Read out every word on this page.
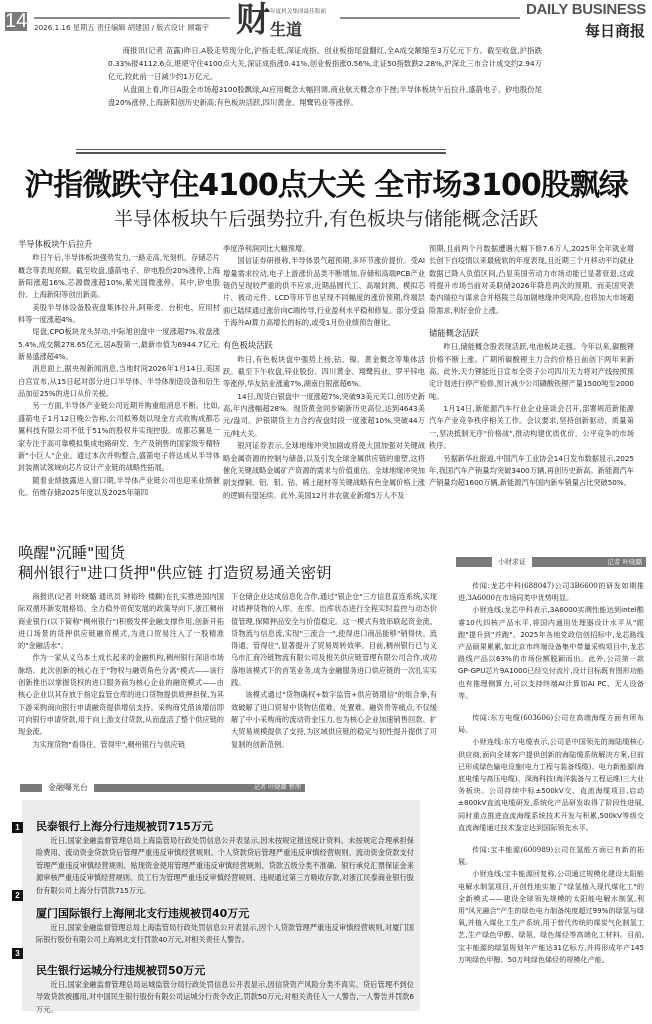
14 2026.1.16 星期五 责任编辑 胡建国 / 版式设计 顾霜宇 财 年度机关集团最佳版面
生道
DAILY BUSINESS
每日商报

商报讯(记者 苗露)昨日,A股走势现分化,沪指走低,深证成指、创业板指尾盘翻红,全A成交额缩至3万亿元下方。截至收盘,沪指跌0.33%报4112.6点,堪堪守住4100点大关,深证成指涨0.41%,创业板指涨0.56%,北证50指数跌2.28%,沪深北三市合计成交约2.94万亿元,较此前一日减少约1万亿元。

从盘面上看,昨日A股全市场超3100股飘绿,AI应用概念大幅回调,商业航天概念亦下挫;半导体板块午后拉升,盛箭电子、矽电股份尾盘20%涨停,上海新阳创历史新高;有色板块活跃,四川黄金、翔鹭钨业等涨停。

沪指微跌守住4100点大关 全市场3100股飘绿
半导体板块午后强势拉升,有色板块与储能概念活跃
半导体板块午后拉升

昨日午后,半导体板块强势发力,一路走高,光刻机、存储芯片概念等表现亮眼。截至收盘,盛箭电子、矽电股份20%涨停,上海新阳涨超16%,芯源微涨超10%,紫光国微涨停。其中,矽电股份、上海新阳等创出新高。

美股半导体设备股夜盘集体拉升,阿斯麦、台积电、应用材料等一度涨超4%。

尾盘,CPO板块龙头异动,中际旭创盘中一度涨超7%,收盘涨5.4%,成交额278.65亿元,居A股第一,最新市值为6944.7亿元;新易盛涨超4%。

消息面上,据央视新闻消息,当地时间2026年1月14日,美国白宫宣布,从15日起对部分进口半导体、半导体制造设备和衍生品加征25%的进口从价关税。

另一方面,半导体产业链公司近期并购重组消息不断。比如,盛箭电子1月12日晚公告称,公司拟筹划以现金方式收购成都芯翼科技有限公司不低于51%的股权并实现控股。成都芯翼是一家专注于高可靠模拟集成电路研发、生产及销售的国家级专精特新"小巨人"企业。通过本次并购整合,盛箭电子将达成从半导体封装测试领域向芯片设计产业链的战略性拓展。

随着业绩披露进入窗口期,半导体产业链公司也迎来业绩催化。佰维存储2025年度以及2025年第四

季度净利润同比大幅预增。

国信证券研报称,半导体景气超预期,多环节涨价提价。受AI增量需求拉动,电子上游涨价品类不断增加,存储和高端PCB产业链仍呈现较严重的供不应求,近期晶圆代工、高端封测、模拟芯片、被动元件、LCD等环节也呈现不同幅度的涨价预期,终端层面已陆续通过涨价向C端传导,行业盈利水平稳和修复。部分受益于海外AI算力高增长的标的,或受1月份业绩预告催化。

有色板块活跃

昨日,有色板块盘中强势上扬,钴、镍、黄金概念等集体活跃。截至下午收盘,锌业股份、四川黄金、翔鹭钨业、罗平锌电等涨停,华友钴业涨逾7%,湖南白银涨超6%。

14日,现货白银盘中一度涨超7%,突破93美元关口,创历史新高,年内涨幅超28%。现货黄金同步刷新历史高位,达到4643美元/盎司。沪银期货主力合约夜盘时段一度涨超10%,突破44万元/吨大关。

银河证券表示,全球地缘冲突加剧或将使大国加强对关键战略金属资源的控制与储备,以及引发全球金属供应链的重塑,这将催化关键战略金属矿产资源的需求与价值重估。全球地缘冲突加剧支撑铜、铝、钼、钴、稀土磁材等关键战略有色金属价格上涨的逻辑有望延续。此外,美国12月非农就业新增5万人不及

预期,且前两个月数据遭遇大幅下修7.6万人,2025年全年就业增长创下自疫情以来最疲软的年度表现,且近期三个月移动平均就业数据已降入负值区间,凸显美国劳动力市场动能已显著衰退,这或将提升市场当前对美联储2026年降息两次的预期。而美国突袭委内瑞拉与谋求合并格陵兰岛加剧地缘冲突风险,也将加大市场避险需求,利好金价上涨。

储能概念活跃

昨日,储能概念股表现活跃,电池板块走强。今年以来,碳酸锂价格不断上涨。广期所碳酸锂主力合约价格日前创下两年来新高。此外,天力锂能近日宣布全资子公司四川天力将对产线按照预定计划进行停产检修,预计减少公司磷酸铁锂产量1500吨至2000吨。

1月14日,新能源汽车行业企业座谈会召开,部署规范新能源汽车产业竞争秩序相关工作。会议要求,坚持创新驱动、质量第一,坚决抵制无序"价格战",推动构建优质优价、公平竞争的市场秩序。

另据新华社报道,中国汽车工业协会14日发布数据显示,2025年,我国汽车产销量均突破3400万辆,再创历史新高。新能源汽车产销量均超1600万辆,新能源汽车国内新车销量占比突破50%。

唤醒"沉睡"囤货
稠州银行"进口货押"供应链 打造贸易通关密钥

商报讯(记者 叶晓璐 通讯员 钟裕玲 楼麒)在扎实推进国内国际双循环新发展格局、全力稳外贸促发展的政策导向下,浙江稠州商业银行(以下简称"稠州银行")积极发挥金融支撑作用,创新开拓进口场景的货押供应链融资模式,为进口贸易注入了一股精准的"金融活水"。

作为一家从义乌本土成长起来的金融机构,稠州银行深谙市场脉络。此次创新的核心在于"物权与融资角色分离"模式——该行创新推出以掌握货权的进口服务商为核心企业的融资模式——由核心企业以其存放于指定监管仓库的进口货物提供质押担保,为其下游采购商向银行申请融资提供增信支持。采购商凭借该增信即可向银行申请贷款,用于向上游支付货款,从而盘活了整个供应链的现金流。

为实现货物"看得住、管得牢",稠州银行与供应链

下仓储企业达成信息化合作,通过"银企仓"三方信息直连系统,实现对质押货物的入库、在库、出库状态进行全程实时监控与动态价值管理,保障押品安全与价值稳定。这一模式有效串联起资金流、货物流与信息流,实现"三流合一",使得进口商品能够"销得快、流得通、管得住",显著提升了贸易周转效率。目前,稠州银行已与义乌市汇商冷链物流有限公司及相关供应链管理有限公司合作,成功落地该模式下的首笔业务,成为金融服务进口供应链的一次扎实实践。

该模式通过"货物确权+数字监管+供应链增信"的组合拳,有效破解了进口贸易中货物估值难、处置难、融资贵等痛点,不仅缓解了中小采购商的流动资金压力,也为核心企业加速销售回款、扩大贸易规模提供了支持,为区域供应链的稳定与韧性提升提供了可复制的创新范例。

小财求证	记者 叶晓璐

传闻:龙芯中科(688047)公司3B6600的研发如期推进,3A6000在市场同类中优势明显。

小财连线:龙芯中科表示,3A6000实测性能达到intel酷睿10代四核产品水平,将国内通用处理器设计水平从"跟跑"提升到"并跑"。2025年各地党政信创招标中,龙芯路线产品硕果累累,如北京市终端设备集中带量采购项目中,龙芯路线产品以63%的市场份额脱颖而出。此外,公司第一款GP-GPU芯片9A1000已经交付流片,设计目标既有图形功能也有推理侧算力,可以支持终端AI计算如AI PC、无人设备等。

传闻:东方电缆(603606)公司在高端海缆方面有所布局。

小财连线:东方电缆表示,公司是中国领先的海陆缆核心供应商,面向全球客户提供创新的海陆缆系统解决方案,目前已形成绿色输电设施(电力工程与装备线缆)、电力新能源(海底电缆与高压电缆)、深海科技(海洋装备与工程运维)三大业务板块。公司持续中标±500kV交、直流海缆项目,启动±800kV直流电缆研发,系统化产品研发取得了阶段性进展,同时重点推进直流海缆系统技术开发与积累,500kV等级交直流海缆通过技术鉴定达到国际领先水平。

传闻:宝丰能源(600989)公司在氢能方面已有新的拓展。

小财连线:宝丰能源回复称,公司通过规模化建设太阳能电解水制氢项目,开创性地实施了"绿氢植入现代煤化工"的全新模式——建设全球领先规模的太阳能电解水制氢,利用"风光融合"产生的绿色电力制备纯度超过99%的绿氢与绿氧,并植入煤化工生产系统,用于替代传统的煤炭气化制氢工艺,生产绿色甲醇、绿氨、绿色烯烃等高端化工材料。目前,宝丰能源的绿氢规划年产能达31亿标方,并将形成年产145万吨绿色甲醇、50万吨绿色烯烃的规模化产能。

金融曝光台	记者 叶晓璐 整理
1 民泰银行上海分行违规被罚715万元

近日,国家金融监督管理总局上海监管局行政处罚信息公开表显示,因未按规定报送统计资料、未按规定合理承担保险费用、流动资金贷款贷后管理严重违反审慎经营规则、个人贷款贷后管理严重违反审慎经营规则、流动资金贷款支付管理严重违反审慎经营规则、贴现资金使用管理严重违反审慎经营规则、贷款五级分类不准确、银行承兑汇票保证金来源审核严重违反审慎经营规则、员工行为管理严重违反审慎经营规则、违规通过第三方吸收存款,对浙江民泰商业银行股份有限公司上海分行罚款715万元。

2
厦门国际银行上海闸北支行违规被罚40万元

近日,国家金融监督管理总局上海监管局行政处罚信息公开表显示,因个人贷款管理严重违反审慎经营规则,对厦门国际银行股份有限公司上海闸北支行罚款40万元,对相关责任人警告。

3
民生银行运城分行违规被罚50万元

近日,国家金融监督管理总局运城监管分局行政处罚信息公开表显示,因信贷资产风险分类不真实、贷后管理不到位导致贷款被挪用,对中国民生银行股份有限公司运城分行责令改正,罚款50万元;对相关责任人一人警告,一人警告并罚款6万元。
